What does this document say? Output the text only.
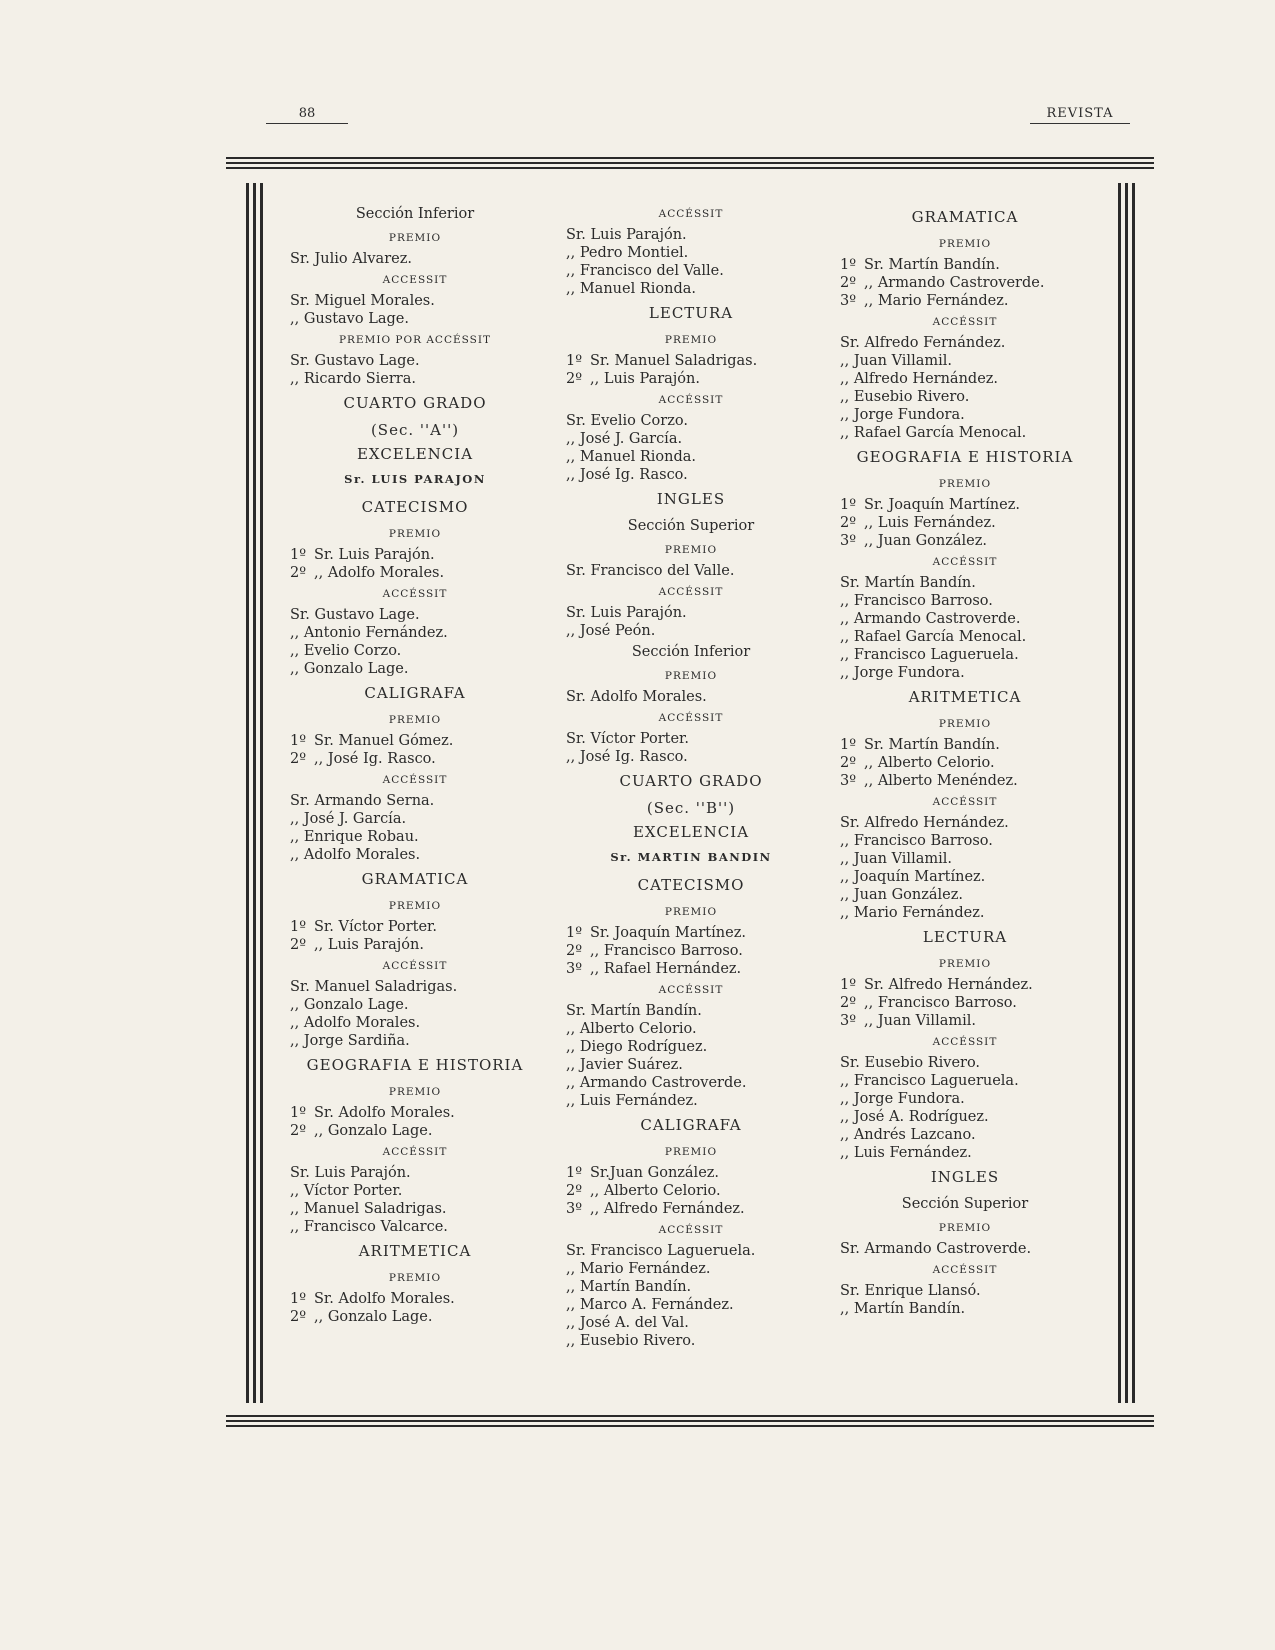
88	REVISTA
Sección Inferior
PREMIO
Sr. Julio Alvarez.
ACCESSIT
Sr. Miguel Morales.
,, Gustavo Lage.
PREMIO POR ACCÉSSIT
Sr. Gustavo Lage.
,, Ricardo Sierra.
CUARTO GRADO
(Sec. ''A'')
EXCELENCIA
Sr. LUIS PARAJON
CATECISMO
PREMIO
1º Sr. Luis Parajón.
2º ,, Adolfo Morales.
ACCÉSSIT
Sr. Gustavo Lage.
,, Antonio Fernández.
,, Evelio Corzo.
,, Gonzalo Lage.
CALIGRAFA
PREMIO
1º Sr. Manuel Gómez.
2º ,, José Ig. Rasco.
ACCÉSSIT
Sr. Armando Serna.
,, José J. García.
,, Enrique Robau.
,, Adolfo Morales.
GRAMATICA
PREMIO
1º Sr. Víctor Porter.
2º ,, Luis Parajón.
ACCÉSSIT
Sr. Manuel Saladrigas.
,, Gonzalo Lage.
,, Adolfo Morales.
,, Jorge Sardiña.
GEOGRAFIA E HISTORIA
PREMIO
1º Sr. Adolfo Morales.
2º ,, Gonzalo Lage.
ACCÉSSIT
Sr. Luis Parajón.
,, Víctor Porter.
,, Manuel Saladrigas.
,, Francisco Valcarce.
ARITMETICA
PREMIO
1º Sr. Adolfo Morales.
2º ,, Gonzalo Lage.
ACCÉSSIT
Sr. Luis Parajón.
,, Pedro Montiel.
,, Francisco del Valle.
,, Manuel Rionda.
LECTURA
PREMIO
1º Sr. Manuel Saladrigas.
2º ,, Luis Parajón.
ACCÉSSIT
Sr. Evelio Corzo.
,, José J. García.
,, Manuel Rionda.
,, José Ig. Rasco.
INGLES
Sección Superior
PREMIO
Sr. Francisco del Valle.
ACCÉSSIT
Sr. Luis Parajón.
,, José Peón.
Sección Inferior
PREMIO
Sr. Adolfo Morales.
ACCÉSSIT
Sr. Víctor Porter.
,, José Ig. Rasco.
CUARTO GRADO
(Sec. ''B'')
EXCELENCIA
Sr. MARTIN BANDIN
CATECISMO
PREMIO
1º Sr. Joaquín Martínez.
2º ,, Francisco Barroso.
3º ,, Rafael Hernández.
ACCÉSSIT
Sr. Martín Bandín.
,, Alberto Celorio.
,, Diego Rodríguez.
,, Javier Suárez.
,, Armando Castroverde.
,, Luis Fernández.
CALIGRAFA
PREMIO
1º Sr.Juan González.
2º ,, Alberto Celorio.
3º ,, Alfredo Fernández.
ACCÉSSIT
Sr. Francisco Lagueruela.
,, Mario Fernández.
,, Martín Bandín.
,, Marco A. Fernández.
,, José A. del Val.
,, Eusebio Rivero.
GRAMATICA
PREMIO
1º Sr. Martín Bandín.
2º ,, Armando Castroverde.
3º ,, Mario Fernández.
ACCÉSSIT
Sr. Alfredo Fernández.
,, Juan Villamil.
,, Alfredo Hernández.
,, Eusebio Rivero.
,, Jorge Fundora.
,, Rafael García Menocal.
GEOGRAFIA E HISTORIA
PREMIO
1º Sr. Joaquín Martínez.
2º ,, Luis Fernández.
3º ,, Juan González.
ACCÉSSIT
Sr. Martín Bandín.
,, Francisco Barroso.
,, Armando Castroverde.
,, Rafael García Menocal.
,, Francisco Lagueruela.
,, Jorge Fundora.
ARITMETICA
PREMIO
1º Sr. Martín Bandín.
2º ,, Alberto Celorio.
3º ,, Alberto Menéndez.
ACCÉSSIT
Sr. Alfredo Hernández.
,, Francisco Barroso.
,, Juan Villamil.
,, Joaquín Martínez.
,, Juan González.
,, Mario Fernández.
LECTURA
PREMIO
1º Sr. Alfredo Hernández.
2º ,, Francisco Barroso.
3º ,, Juan Villamil.
ACCÉSSIT
Sr. Eusebio Rivero.
,, Francisco Lagueruela.
,, Jorge Fundora.
,, José A. Rodríguez.
,, Andrés Lazcano.
,, Luis Fernández.
INGLES
Sección Superior
PREMIO
Sr. Armando Castroverde.
ACCÉSSIT
Sr. Enrique Llansó.
,, Martín Bandín.
